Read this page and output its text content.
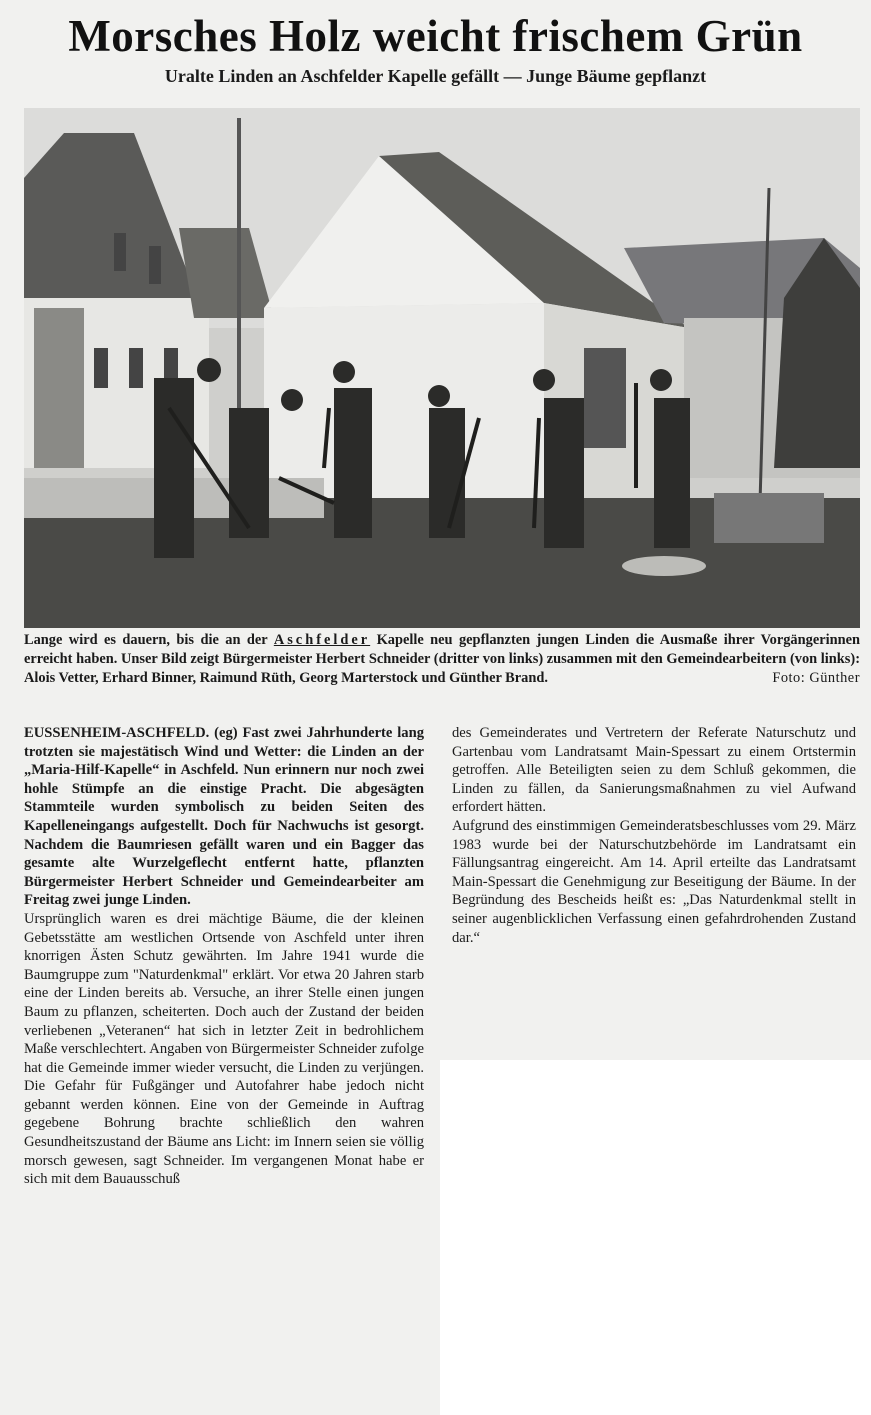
Morsches Holz weicht frischem Grün
Uralte Linden an Aschfelder Kapelle gefällt — Junge Bäume gepflanzt
Lange wird es dauern, bis die an der Aschfelder Kapelle neu gepflanzten jungen Linden die Ausmaße ihrer Vorgängerinnen erreicht haben. Unser Bild zeigt Bürgermeister Herbert Schneider (dritter von links) zusammen mit den Gemeindearbeitern (von links): Alois Vetter, Erhard Binner, Raimund Rüth, Georg Marterstock und Günther Brand.	Foto: Günther

EUSSENHEIM-ASCHFELD. (eg) Fast zwei Jahrhunderte lang trotzten sie majestätisch Wind und Wetter: die Linden an der „Maria-Hilf-Kapelle“ in Aschfeld. Nun erinnern nur noch zwei hohle Stümpfe an die einstige Pracht. Die abgesägten Stammteile wurden symbolisch zu beiden Seiten des Kapelleneingangs aufgestellt. Doch für Nachwuchs ist gesorgt. Nachdem die Baumriesen gefällt waren und ein Bagger das gesamte alte Wurzelgeflecht entfernt hatte, pflanzten Bürgermeister Herbert Schneider und Gemeindearbeiter am Freitag zwei junge Linden.

Ursprünglich waren es drei mächtige Bäume, die der kleinen Gebetsstätte am westlichen Ortsende von Aschfeld unter ihren knorrigen Ästen Schutz gewährten. Im Jahre 1941 wurde die Baumgruppe zum "Naturdenkmal" erklärt. Vor etwa 20 Jahren starb eine der Linden bereits ab. Versuche, an ihrer Stelle einen jungen Baum zu pflanzen, scheiterten. Doch auch der Zustand der beiden verliebenen „Veteranen“ hat sich in letzter Zeit in bedrohlichem Maße verschlechtert. Angaben von Bürgermeister Schneider zufolge hat die Gemeinde immer wieder versucht, die Linden zu verjüngen. Die Gefahr für Fußgänger und Autofahrer habe jedoch nicht gebannt werden können. Eine von der Gemeinde in Auftrag gegebene Bohrung brachte schließlich den wahren Gesundheitszustand der Bäume ans Licht: im Innern seien sie völlig morsch gewesen, sagt Schneider. Im vergangenen Monat habe er sich mit dem Bauausschuß

des Gemeinderates und Vertretern der Referate Naturschutz und Gartenbau vom Landratsamt Main-Spessart zu einem Ortstermin getroffen. Alle Beteiligten seien zu dem Schluß gekommen, die Linden zu fällen, da Sanierungsmaßnahmen zu viel Aufwand erfordert hätten.

Aufgrund des einstimmigen Gemeinderatsbeschlusses vom 29. März 1983 wurde bei der Naturschutzbehörde im Landratsamt ein Fällungsantrag eingereicht. Am 14. April erteilte das Landratsamt Main-Spessart die Genehmigung zur Beseitigung der Bäume. In der Begründung des Bescheids heißt es: „Das Naturdenkmal stellt in seiner augenblicklichen Verfassung einen gefahrdrohenden Zustand dar.“
